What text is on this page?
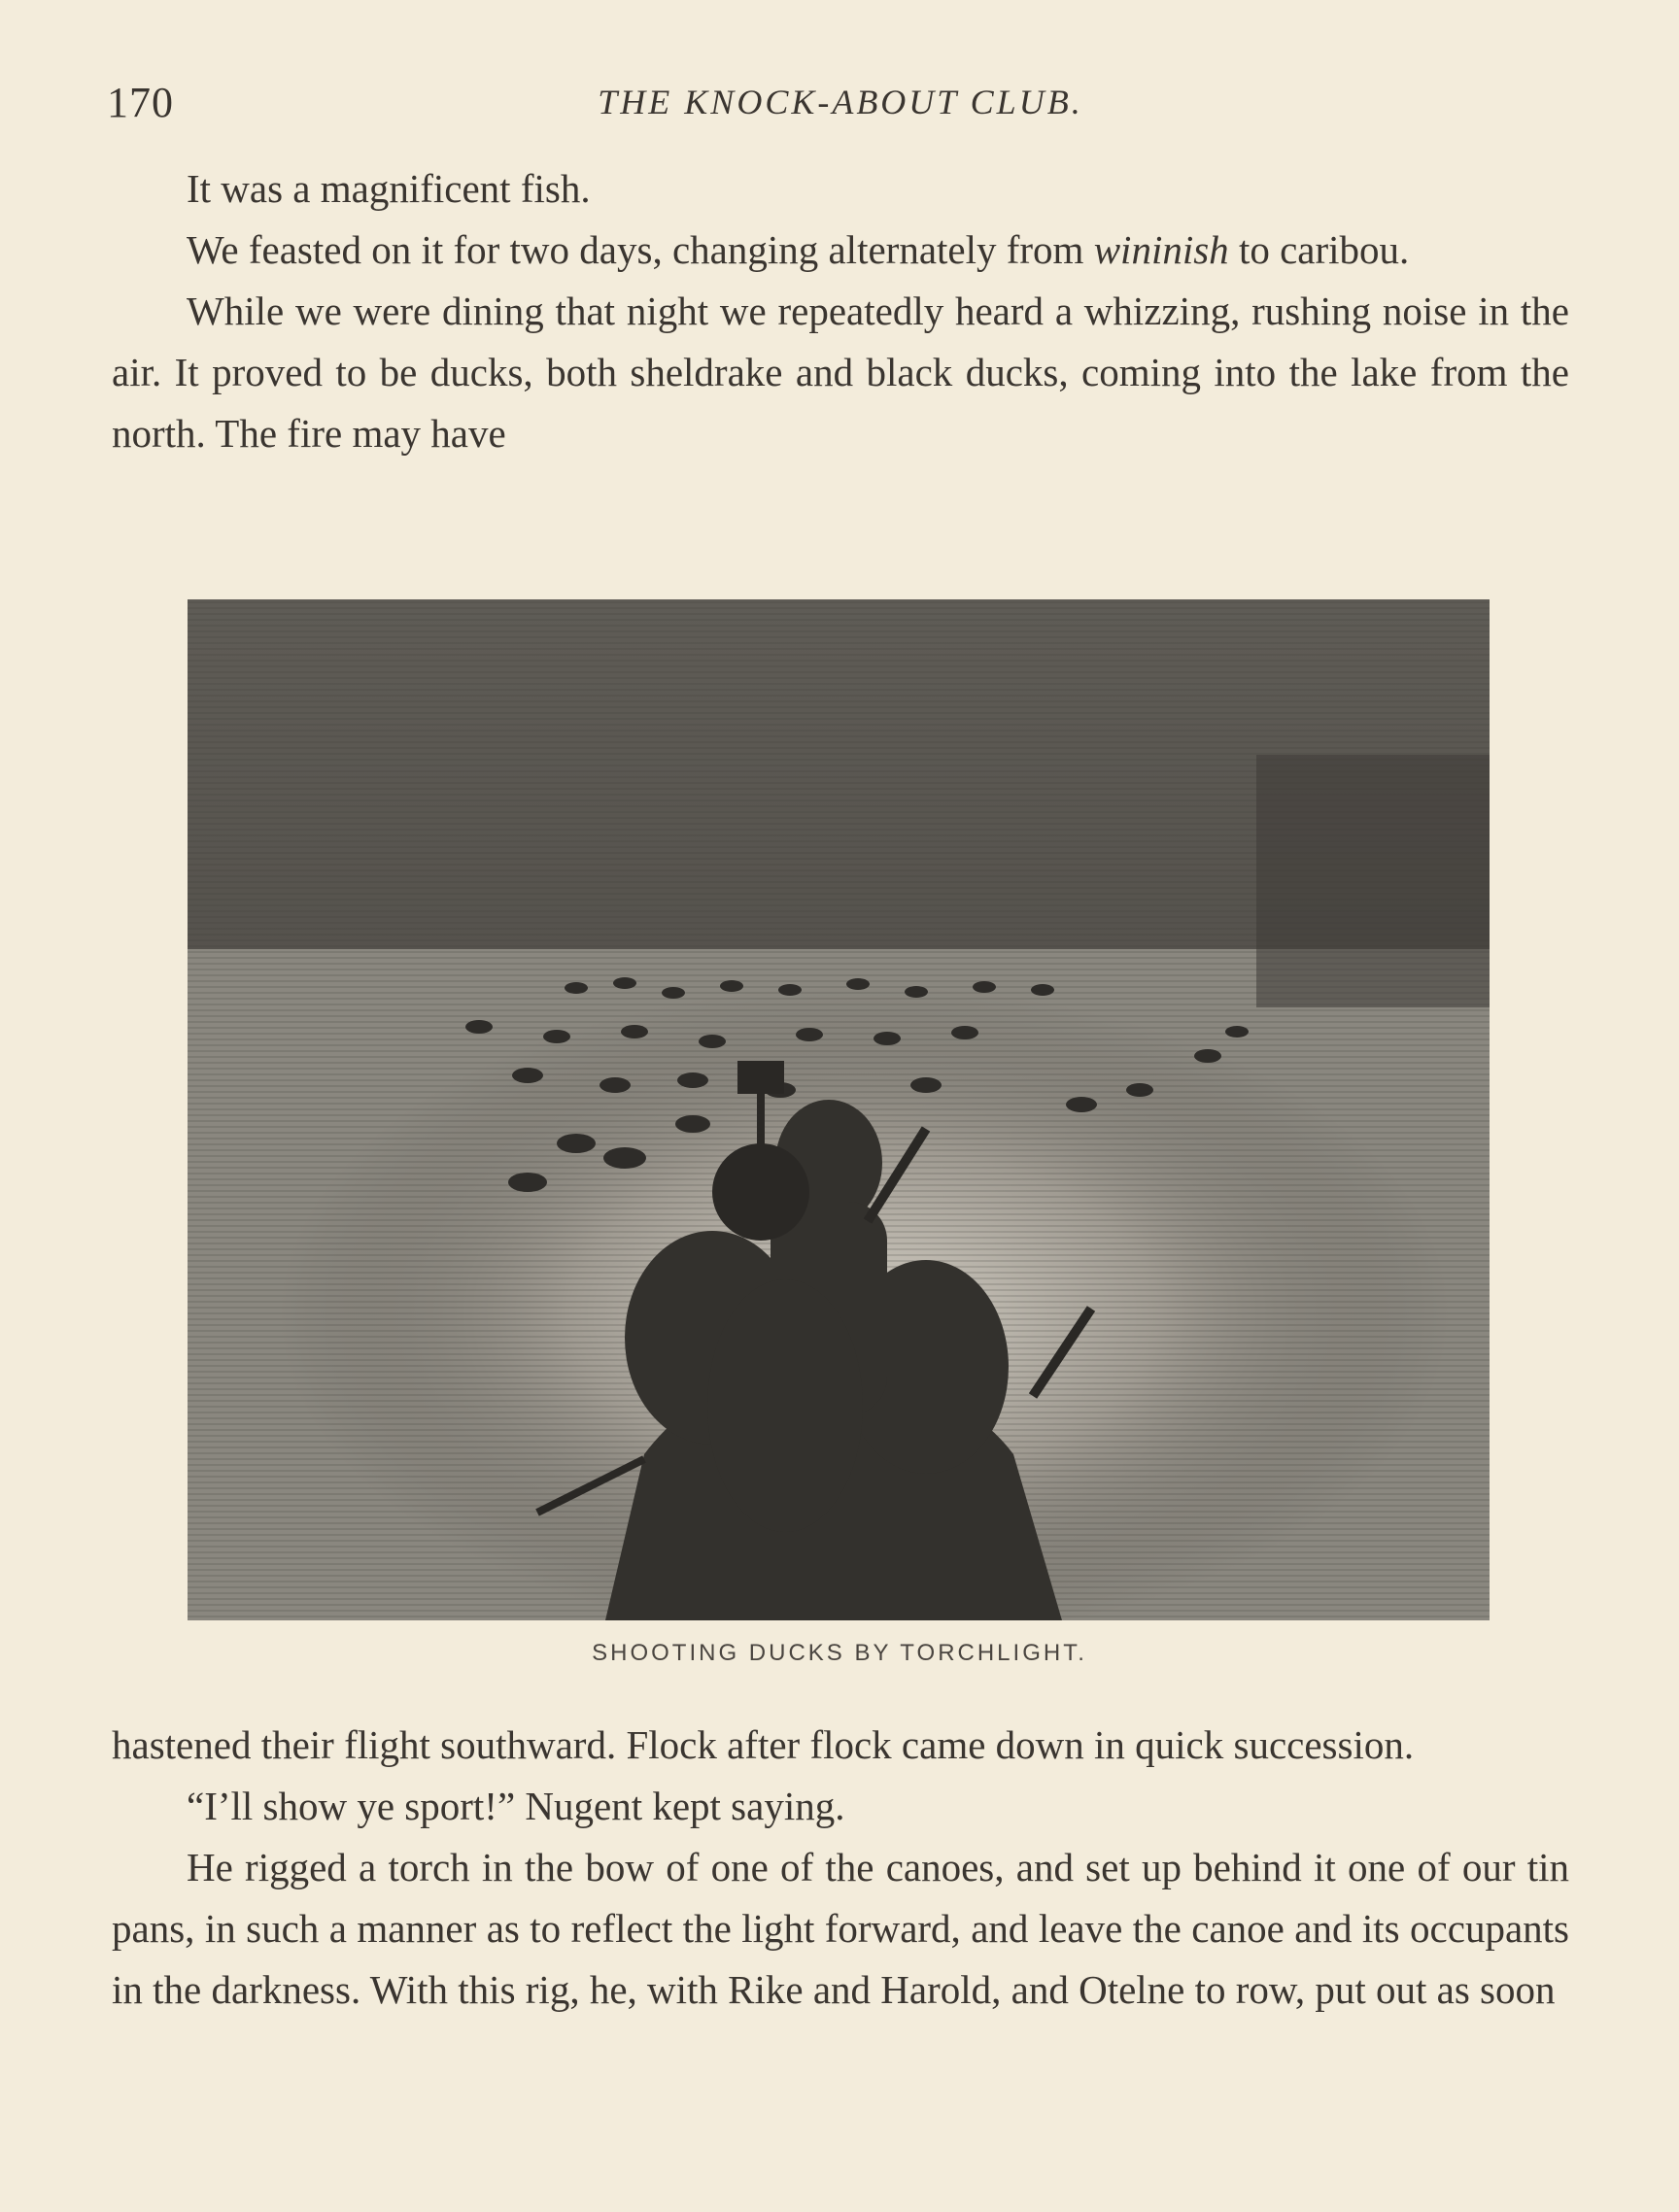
170	THE KNOCK-ABOUT CLUB.

It was a magnificent fish.

We feasted on it for two days, changing alternately from wininish to caribou.

While we were dining that night we repeatedly heard a whizzing, rushing noise in the air. It proved to be ducks, both sheldrake and black ducks, coming into the lake from the north. The fire may have

SHOOTING DUCKS BY TORCHLIGHT.

hastened their flight southward. Flock after flock came down in quick succession.

“I’ll show ye sport!” Nugent kept saying.

He rigged a torch in the bow of one of the canoes, and set up behind it one of our tin pans, in such a manner as to reflect the light forward, and leave the canoe and its occupants in the darkness. With this rig, he, with Rike and Harold, and Otelne to row, put out as soon
